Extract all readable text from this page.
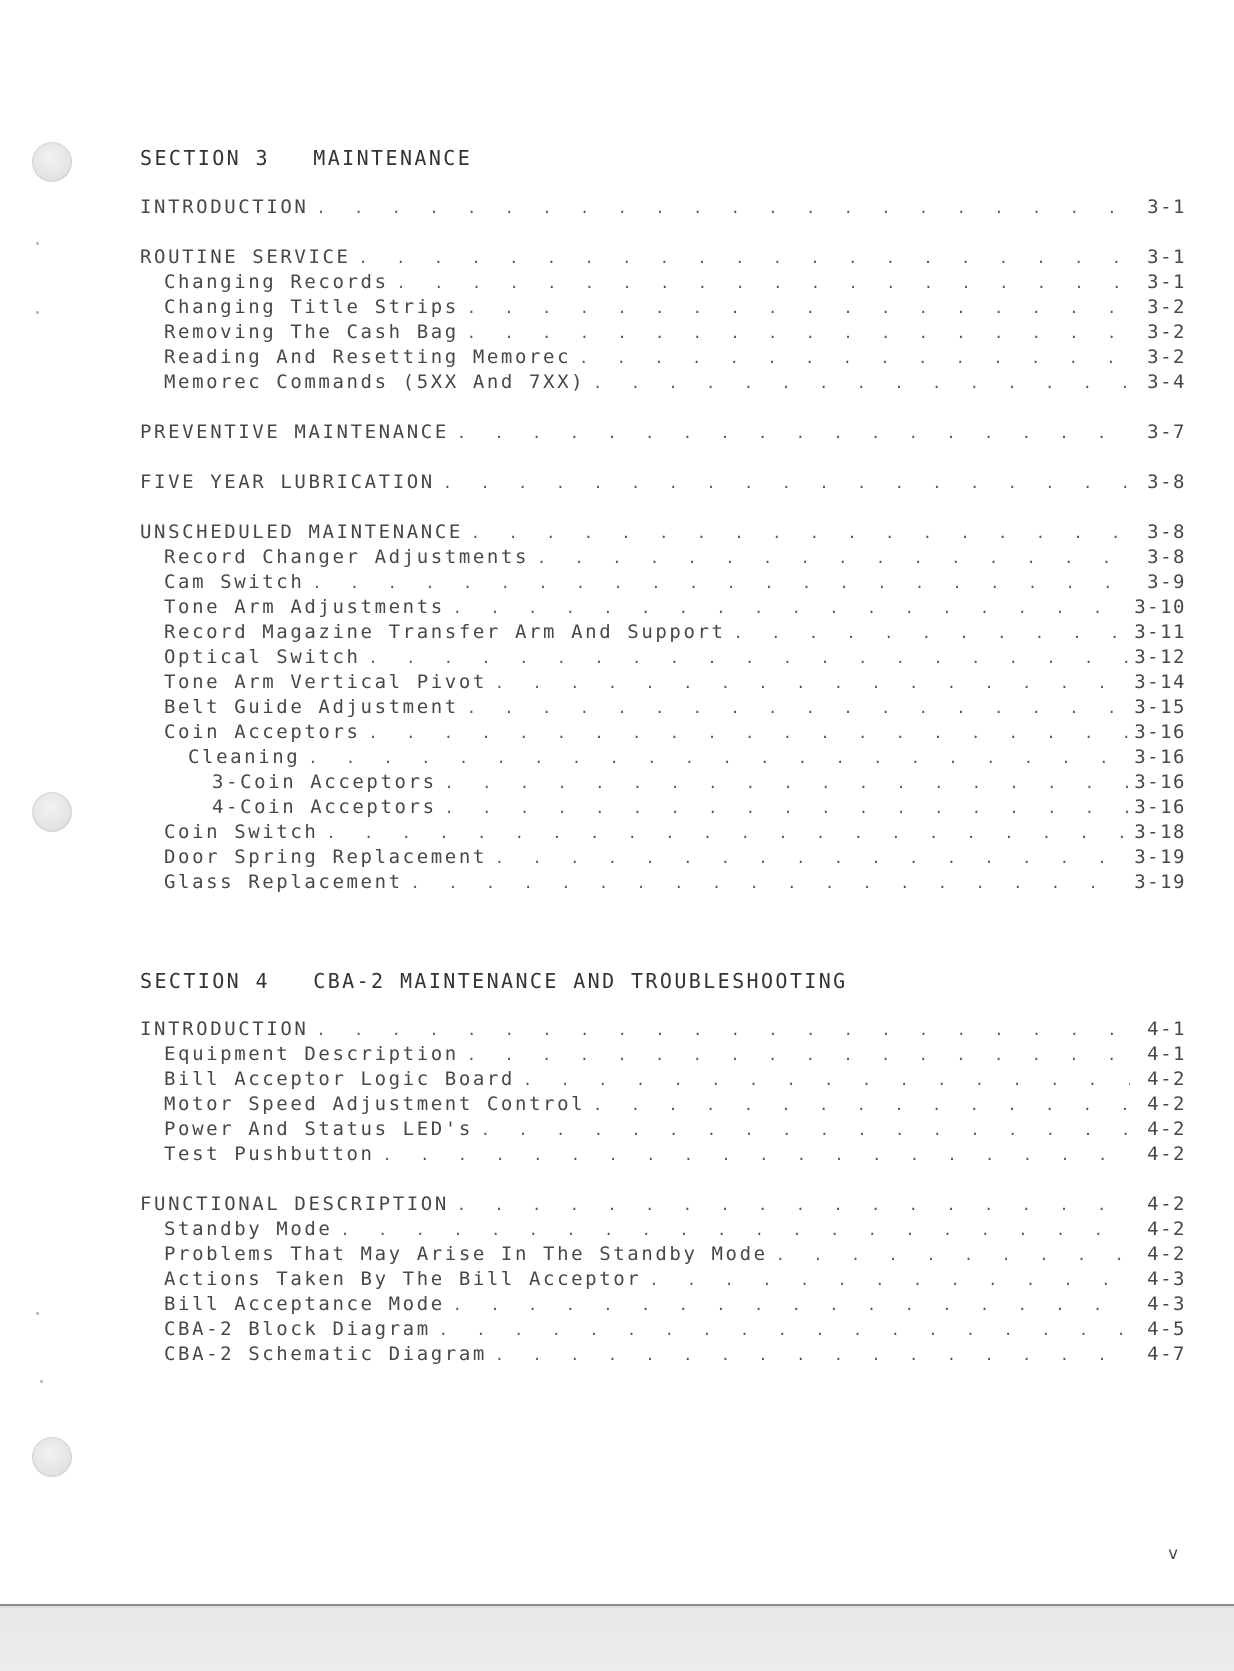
SECTION 3   MAINTENANCE
INTRODUCTION . . .	3-1
ROUTINE SERVICE . . .	3-1
Changing Records . . .	3-1
Changing Title Strips . . .	3-2
Removing The Cash Bag . . .	3-2
Reading And Resetting Memorec . . .	3-2
Memorec Commands (5XX And 7XX) . . .	3-4
PREVENTIVE MAINTENANCE . . .	3-7
FIVE YEAR LUBRICATION . . .	3-8
UNSCHEDULED MAINTENANCE . . .	3-8
Record Changer Adjustments . . .	3-8
Cam Switch . . .	3-9
Tone Arm Adjustments . . .	3-10
Record Magazine Transfer Arm And Support . . .	3-11
Optical Switch . . .	3-12
Tone Arm Vertical Pivot . . .	3-14
Belt Guide Adjustment . . .	3-15
Coin Acceptors . . .	3-16
Cleaning . . .	3-16
3-Coin Acceptors . . .	3-16
4-Coin Acceptors . . .	3-16
Coin Switch . . .	3-18
Door Spring Replacement . . .	3-19
Glass Replacement . . .	3-19
SECTION 4   CBA-2 MAINTENANCE AND TROUBLESHOOTING
INTRODUCTION . . .	4-1
Equipment Description . . .	4-1
Bill Acceptor Logic Board . . .	4-2
Motor Speed Adjustment Control . . .	4-2
Power And Status LED's . . .	4-2
Test Pushbutton . . .	4-2
FUNCTIONAL DESCRIPTION . . .	4-2
Standby Mode . . .	4-2
Problems That May Arise In The Standby Mode . . .	4-2
Actions Taken By The Bill Acceptor . . .	4-3
Bill Acceptance Mode . . .	4-3
CBA-2 Block Diagram . . .	4-5
CBA-2 Schematic Diagram . . .	4-7
v
